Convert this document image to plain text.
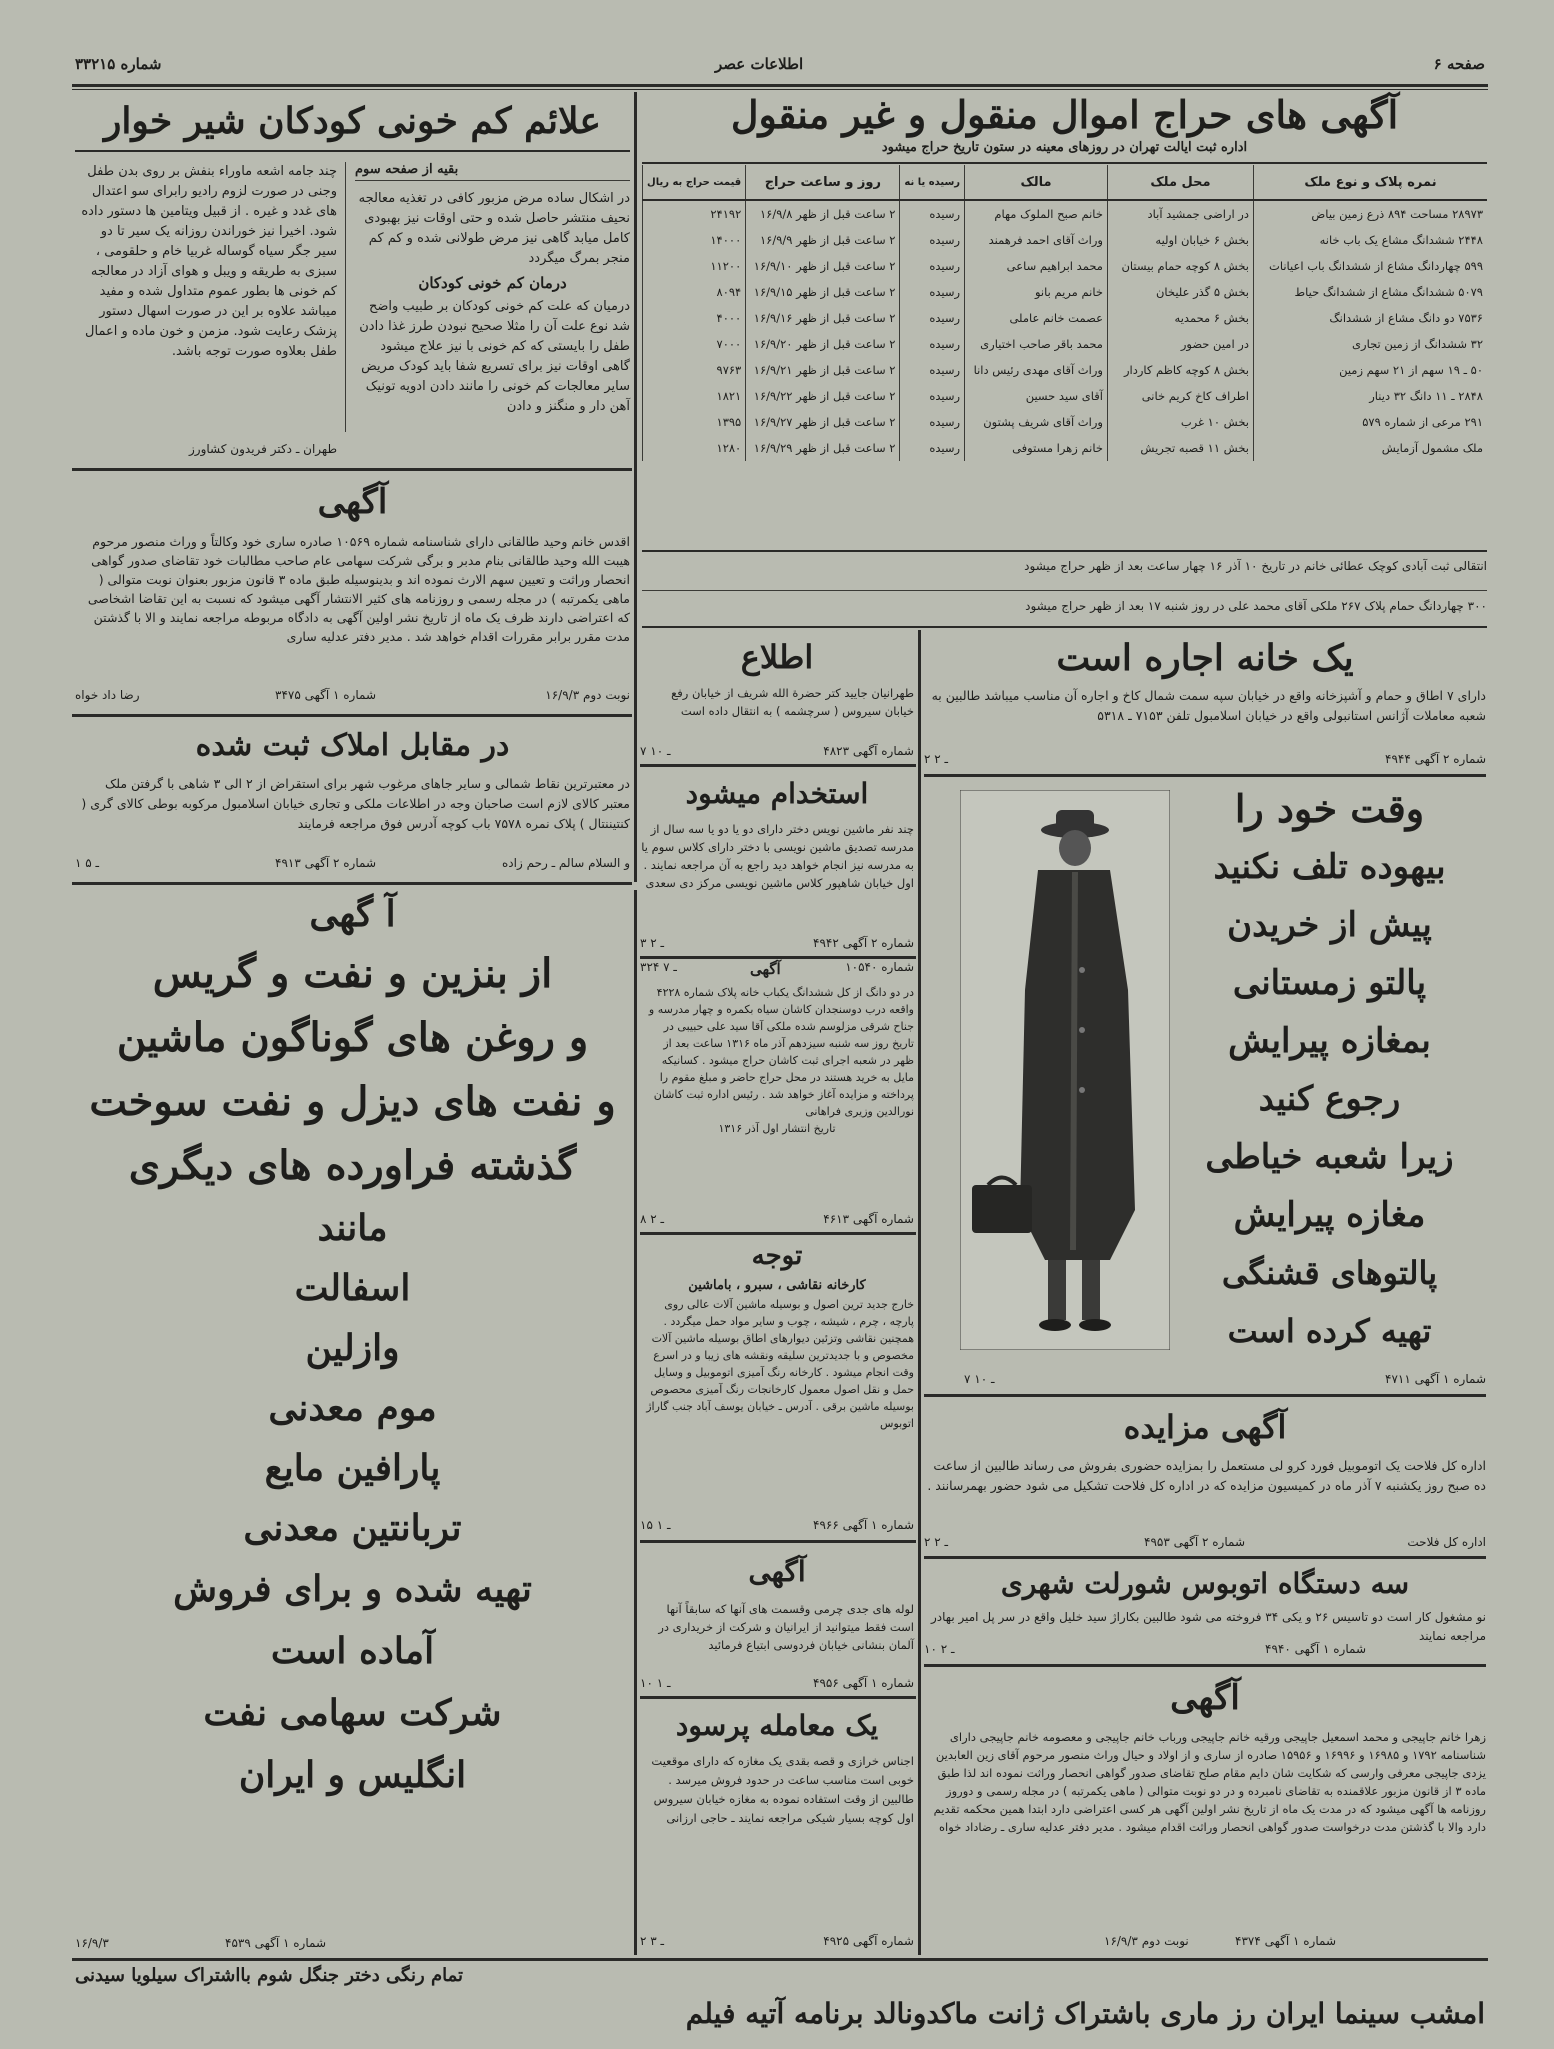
صفحه ۶
اطلاعات عصر
شماره ۳۳۲۱۵
آگهی های حراج اموال منقول و غیر منقول
اداره ثبت ایالت تهران در روزهای معینه در ستون تاریخ حراج میشود
نمره پلاک و نوع ملک	محل ملک	مالک	رسیده یا نه	روز و ساعت حراج	قیمت حراج به ریال
۲۸۹۷۳ مساحت ۸۹۴ ذرع زمین بیاض	در اراضی جمشید آباد	خانم صبح الملوک مهام	رسیده	۲ ساعت قبل از ظهر ۱۶/۹/۸	۲۴۱۹۲
۲۴۴۸ ششدانگ مشاع یک باب خانه	بخش ۶ خیابان اولیه	وراث آقای احمد فرهمند	رسیده	۲ ساعت قبل از ظهر ۱۶/۹/۹	۱۴۰۰۰
۵۹۹ چهاردانگ مشاع از ششدانگ باب اعیانات	بخش ۸ کوچه حمام بیستان	محمد ابراهیم ساعی	رسیده	۲ ساعت قبل از ظهر ۱۶/۹/۱۰	۱۱۲۰۰
۵۰۷۹ ششدانگ مشاع از ششدانگ حیاط	بخش ۵ گذر علیخان	خانم مریم بانو	رسیده	۲ ساعت قبل از ظهر ۱۶/۹/۱۵	۸۰۹۴
۷۵۳۶ دو دانگ مشاع از ششدانگ	بخش ۶ محمدیه	عصمت خانم عاملی	رسیده	۲ ساعت قبل از ظهر ۱۶/۹/۱۶	۴۰۰۰
۳۲ ششدانگ از زمین تجاری	در امین حضور	محمد باقر صاحب اختیاری	رسیده	۲ ساعت قبل از ظهر ۱۶/۹/۲۰	۷۰۰۰
۵۰ ـ ۱۹ سهم از ۲۱ سهم زمین	بخش ۸ کوچه کاظم کاردار	وراث آقای مهدی رئیس دانا	رسیده	۲ ساعت قبل از ظهر ۱۶/۹/۲۱	۹۷۶۳
۲۸۴۸ ـ ۱۱ دانگ ۳۲ دینار	اطراف کاخ کریم خانی	آقای سید حسین	رسیده	۲ ساعت قبل از ظهر ۱۶/۹/۲۲	۱۸۲۱
۲۹۱ مرعی از شماره ۵۷۹	بخش ۱۰ غرب	وراث آقای شریف پشتون	رسیده	۲ ساعت قبل از ظهر ۱۶/۹/۲۷	۱۳۹۵
ملک مشمول آزمایش	بخش ۱۱ قصبه تجریش	خانم زهرا مستوفی	رسیده	۲ ساعت قبل از ظهر ۱۶/۹/۲۹	۱۲۸۰
انتقالی ثبت آبادی کوچک عطائی خانم در تاریخ ۱۰ آذر ۱۶ چهار ساعت بعد از ظهر حراج میشود
۳۰۰ چهاردانگ حمام پلاک ۲۶۷ ملکی آقای محمد علی در روز شنبه ۱۷ بعد از ظهر حراج میشود
علائم کم خونی کودکان شیر خوار
بقیه از صفحه سوم
در اشکال ساده مرض مزبور کافی در تغذیه معالجه نحیف منتشر حاصل شده و حتی اوقات نیز بهبودی کامل میابد گاهی نیز مرض طولانی شده و کم کم منجر بمرگ میگردد
درمان کم خونی کودکان
درمیان که علت کم خونی کودکان بر طبیب واضح شد نوع علت آن را مثلا صحیح نبودن طرز غذا دادن طفل را بایستی که کم خونی با نیز علاج میشود گاهی اوقات نیز برای تسریع شفا باید کودک مریض سایر معالجات کم خونی را مانند دادن ادویه تونیک آهن دار و منگنز و دادن
چند جامه اشعه ماوراء بنفش بر روی بدن طفل وجنی در صورت لزوم رادیو رابرای سو اعتدال های غدد و غیره . از قبیل ویتامین ها دستور داده شود. اخیرا نیز خوراندن روزانه یک سیر تا دو سیر جگر سیاه گوساله غربیا خام و حلقومی ، سبزی به طریقه و ویبل و هوای آزاد در معالجه کم خونی ها بطور عموم متداول شده و مفید میباشد علاوه بر این در صورت اسهال دستور پزشک رعایت شود. مزمن و خون ماده و اعمال طفل بعلاوه صورت توجه باشد.
طهران ـ دکتر فریدون کشاورز
آگهی
اقدس خانم وحید طالقانی دارای شناسنامه شماره ۱۰۵۶۹ صادره ساری خود وکالتاً و وراث منصور مرحوم هیبت الله وحید طالقانی بنام مدبر و برگی شرکت سهامی عام صاحب مطالبات خود تقاضای صدور گواهی انحصار وراثت و تعیین سهم الارث نموده اند و بدینوسیله طبق ماده ۳ قانون مزبور بعنوان نوبت متوالی ( ماهی یکمرتبه ) در مجله رسمی و روزنامه های کثیر الانتشار آگهی میشود که نسبت به این تقاضا اشخاصی که اعتراضی دارند ظرف یک ماه از تاریخ نشر اولین آگهی به دادگاه مربوطه مراجعه نمایند و الا با گذشتن مدت مقرر برابر مقررات اقدام خواهد شد . مدیر دفتر عدلیه ساری
رضا داد خواه	شماره ۱ آگهی ۳۴۷۵	نوبت دوم ۱۶/۹/۳
در مقابل املاک ثبت شده
در معتبرترین نقاط شمالی و سایر جاهای مرغوب شهر برای استقراض از ۲ الی ۳ شاهی با گرفتن ملک معتبر کالای لازم است صاحبان وجه در اطلاعات ملکی و تجاری خیابان اسلامبول مرکوبه بوطی کالای گری ( کنتیننتال ) پلاک نمره ۷۵۷۸ باب کوچه آدرس فوق مراجعه فرمایند
و السلام سالم ـ رحم زاده
شماره ۲ آگهی ۴۹۱۳
۱ ـ ۵
آ گهی
از بنزین و نفت و گریس
و روغن های گوناگون ماشین
و نفت های دیزل و نفت سوخت
گذشته فراورده های دیگری
مانند
اسفالت
وازلین
موم معدنی
پارافین مایع
تربانتین معدنی
تهیه شده و برای فروش
آماده است
شرکت سهامی نفت
انگلیس و ایران
شماره ۱ آگهی ۴۵۳۹
۱۶/۹/۳
یک خانه اجاره است
دارای ۷ اطاق و حمام و آشپزخانه واقع در خیابان سپه سمت شمال کاخ و اجاره آن مناسب میباشد طالبین به شعبه معاملات آژانس استانبولی واقع در خیابان اسلامبول تلفن ۷۱۵۳ ـ ۵۳۱۸
۲ ـ ۲	شماره ۲ آگهی ۴۹۴۴
وقت خود را
بیهوده تلف نکنید
پیش از خریدن
پالتو زمستانی
بمغازه پیرایش
رجوع کنید
زیرا شعبه خیاطی
مغازه پیرایش
پالتوهای قشنگی
تهیه کرده است
۷ ـ ۱۰	شماره ۱ آگهی ۴۷۱۱
اطلاع
طهرانیان جایید کتر حضرة الله شریف از خیابان رفع خیابان سیروس ( سرچشمه ) به انتقال داده است
۷ ـ ۱۰	شماره آگهی ۴۸۲۳
استخدام میشود
چند نفر ماشین نویس دختر دارای دو یا دو یا سه سال از مدرسه تصدیق ماشین نویسی با دختر دارای کلاس سوم یا به مدرسه نیز انجام خواهد دید راجع به آن مراجعه نمایند . اول خیابان شاهپور کلاس ماشین نویسی مرکز دی سعدی
۳ ـ ۲	شماره ۲ آگهی ۴۹۴۲
۳۲۴ ـ ۷	آگهی	شماره ۱۰۵۴۰
در دو دانگ از کل ششدانگ یکباب خانه پلاک شماره ۴۲۲۸ واقعه درب دوسنجدان کاشان سیاه بکمره و چهار مدرسه و جناح شرقی مزلوسم شده ملکی آقا سید علی حبیبی در تاریخ روز سه شنبه سیزدهم آذر ماه ۱۳۱۶ ساعت بعد از ظهر در شعبه اجرای ثبت کاشان حراج میشود . کسانیکه مایل به خرید هستند در محل حراج حاضر و مبلغ مقوم را پرداخته و مزایده آغاز خواهد شد . رئیس اداره ثبت کاشان نورالدین وزیری فراهانی
تاریخ انتشار اول آذر ۱۳۱۶
۸ ـ ۲	شماره آگهی ۴۶۱۳
توجه
کارخانه نقاشی ، سبرو ، باماشین
خارج جدید ترین اصول و بوسیله ماشین آلات عالی روی پارچه ، چرم ، شیشه ، چوب و سایر مواد حمل میگردد . همچنین نقاشی وتزئین دیوارهای اطاق بوسیله ماشین آلات مخصوص و با جدیدترین سلیقه ونقشه های زیبا و در اسرع وقت انجام میشود . کارخانه رنگ آمیزی اتوموبیل و وسایل حمل و نقل اصول معمول کارخانجات رنگ آمیزی محصوص بوسیله ماشین برقی . آدرس ـ خیابان یوسف آباد جنب گاراژ اتوبوس
۱۵ ـ ۱	شماره ۱ آگهی ۴۹۶۶
آگهی
لوله های جدی چرمی وقسمت های آنها که سابقاً آنها است فقط میتوانید از ایرانیان و شرکت از خریداری در آلمان بنشانی خیابان فردوسی ابتیاع فرمائید
۱۰ ـ ۱	شماره ۱ آگهی ۴۹۵۶
یک معامله پرسود
اجناس خرازی و قصه بقدی یک مغازه که دارای موقعیت خوبی است مناسب ساعت در حدود فروش میرسد . طالبین از وقت استفاده نموده به مغازه خیابان سیروس اول کوچه بسیار شیکی مراجعه نمایند ـ حاجی ارزانی
۲ ـ ۳	شماره آگهی ۴۹۲۵
آگهی مزایده
اداره کل فلاحت یک اتوموبیل فورد کرو لی مستعمل را بمزایده حضوری بفروش می رساند طالبین از ساعت ده صبح روز یکشنبه ۷ آذر ماه در کمیسیون مزایده که در اداره کل فلاحت تشکیل می شود حضور بهمرسانند .
۲ ـ ۲	شماره ۲ آگهی ۴۹۵۳	اداره کل فلاحت
سه دستگاه اتوبوس شورلت شهری
نو مشغول کار است دو تاسیس ۲۶ و یکی ۳۴ فروخته می شود طالبین بکاراژ سید خلیل واقع در سر پل امیر بهادر مراجعه نمایند
۱۰ ـ ۲	شماره ۱ آگهی ۴۹۴۰
آگهی
زهرا خانم جاپیجی و محمد اسمعیل جاپیجی ورقیه خانم جاپیجی ورباب خانم جاپیجی و معصومه خانم جاپیجی دارای شناسنامه ۱۷۹۲ و ۱۶۹۸۵ و ۱۶۹۹۶ و ۱۵۹۵۶ صادره از ساری و از اولاد و حیال وراث منصور مرحوم آقای زین العابدین یزدی جاپیجی معرفی وارسی که شکایت شان دایم مقام صلح تقاضای صدور گواهی انحصار وراثت نموده اند لذا طبق ماده ۳ از قانون مزبور علاقمنده به تقاضای نامبرده و در دو نوبت متوالی ( ماهی یکمرتبه ) در مجله رسمی و دوروز روزنامه ها آگهی میشود که در مدت یک ماه از تاریخ نشر اولین آگهی هر کسی اعتراضی دارد ابتدا همین محکمه تقدیم دارد والا با گذشتن مدت درخواست صدور گواهی انحصار وراثت اقدام میشود . مدیر دفتر عدلیه ساری ـ رضاداد خواه
نوبت دوم ۱۶/۹/۳	شماره ۱ آگهی ۴۳۷۴
تمام رنگی دختر جنگل شوم بااشتراک سیلویا سیدنی
امشب سینما ایران رز ماری باشتراک ژانت ماکدونالد برنامه آتیه فیلم
